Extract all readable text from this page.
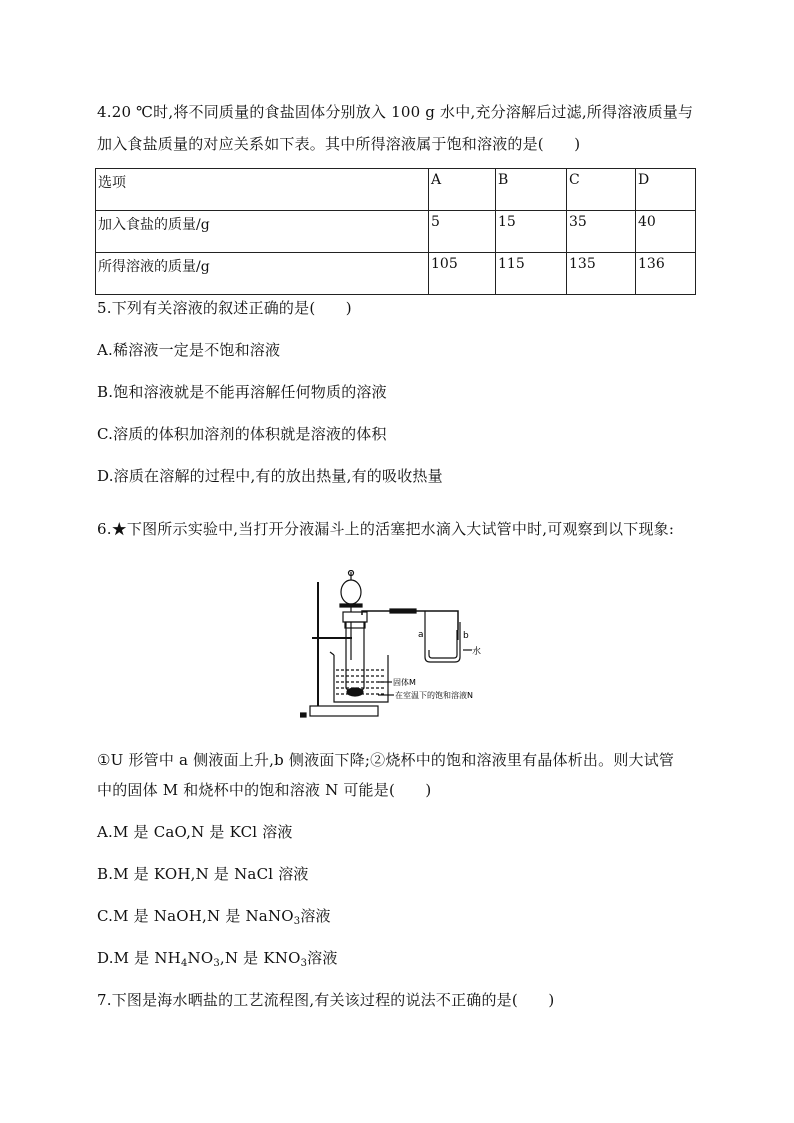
4.20 ℃时,将不同质量的食盐固体分别放入 100 g 水中,充分溶解后过滤,所得溶液质量与
加入食盐质量的对应关系如下表。其中所得溶液属于饱和溶液的是(　　)
选项	A	B	C	D
加入食盐的质量/g	5	15	35	40
所得溶液的质量/g	105	115	135	136
5.下列有关溶液的叙述正确的是(　　)
A.稀溶液一定是不饱和溶液
B.饱和溶液就是不能再溶解任何物质的溶液
C.溶质的体积加溶剂的体积就是溶液的体积
D.溶质在溶解的过程中,有的放出热量,有的吸收热量
6.★下图所示实验中,当打开分液漏斗上的活塞把水滴入大试管中时,可观察到以下现象:
a	b
水
固体M
在室温下的饱和溶液N
①U 形管中 a 侧液面上升,b 侧液面下降;②烧杯中的饱和溶液里有晶体析出。则大试管
中的固体 M 和烧杯中的饱和溶液 N 可能是(　　)
A.M 是 CaO,N 是 KCl 溶液
B.M 是 KOH,N 是 NaCl 溶液
C.M 是 NaOH,N 是 NaNO$_3$溶液
D.M 是 $NH_4NO_3,N$ 是 $KNO_3$溶液
7.下图是海水晒盐的工艺流程图,有关该过程的说法不正确的是(　　)
